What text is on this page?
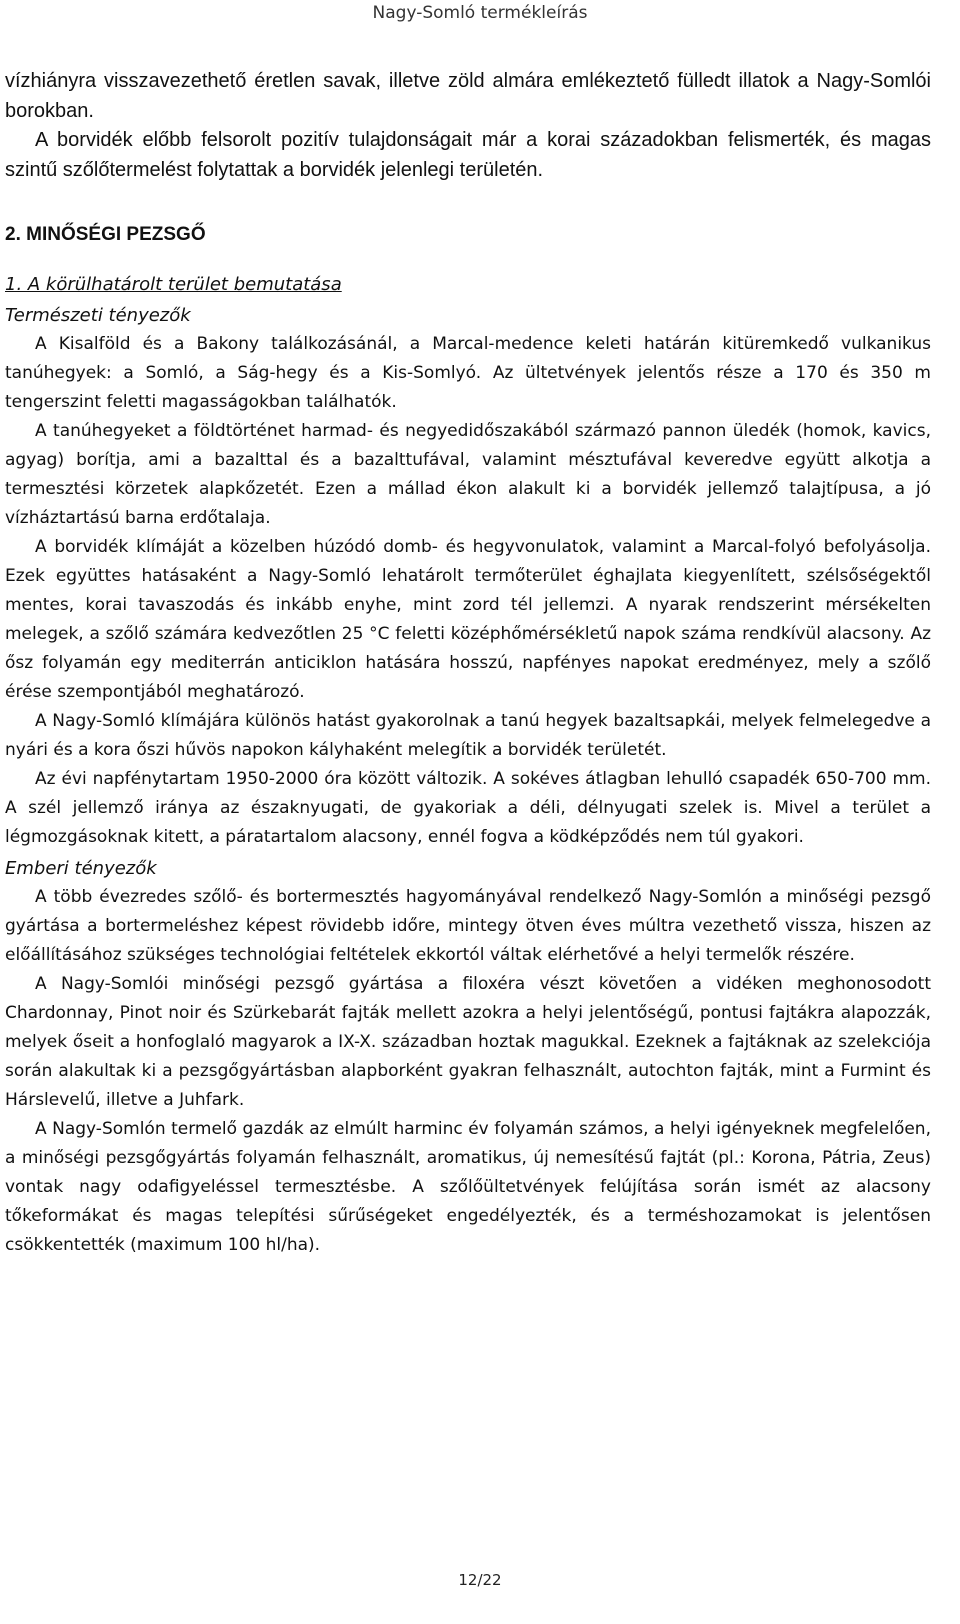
Nagy-Somló termékleírás

vízhiányra visszavezethető éretlen savak, illetve zöld almára emlékeztető fülledt illatok a Nagy-Somlói borokban.

A borvidék előbb felsorolt pozitív tulajdonságait már a korai századokban felismerték, és magas szintű szőlőtermelést folytattak a borvidék jelenlegi területén.

2. MINŐSÉGI PEZSGŐ
1. A körülhatárolt terület bemutatása
Természeti tényezők

A Kisalföld és a Bakony találkozásánál, a Marcal-medence keleti határán kitüremkedő vulkanikus tanúhegyek: a Somló, a Ság-hegy és a Kis-Somlyó. Az ültetvények jelentős része a 170 és 350 m tengerszint feletti magasságokban találhatók.

A tanúhegyeket a földtörténet harmad- és negyedidőszakából származó pannon üledék (homok, kavics, agyag) borítja, ami a bazalttal és a bazalttufával, valamint mésztufával keveredve együtt alkotja a termesztési körzetek alapkőzetét. Ezen a mállad ékon alakult ki a borvidék jellemző talajtípusa, a jó vízháztartású barna erdőtalaja.

A borvidék klímáját a közelben húzódó domb- és hegyvonulatok, valamint a Marcal-folyó befolyásolja. Ezek együttes hatásaként a Nagy-Somló lehatárolt termőterület éghajlata kiegyenlített, szélsőségektől mentes, korai tavaszodás és inkább enyhe, mint zord tél jellemzi. A nyarak rendszerint mérsékelten melegek, a szőlő számára kedvezőtlen 25 °C feletti középhőmérsékletű napok száma rendkívül alacsony. Az ősz folyamán egy mediterrán anticiklon hatására hosszú, napfényes napokat eredményez, mely a szőlő érése szempontjából meghatározó.

A Nagy-Somló klímájára különös hatást gyakorolnak a tanú hegyek bazaltsapkái, melyek felmelegedve a nyári és a kora őszi hűvös napokon kályhaként melegítik a borvidék területét.

Az évi napfénytartam 1950-2000 óra között változik. A sokéves átlagban lehulló csapadék 650-700 mm. A szél jellemző iránya az északnyugati, de gyakoriak a déli, délnyugati szelek is. Mivel a terület a légmozgásoknak kitett, a páratartalom alacsony, ennél fogva a ködképződés nem túl gyakori.

Emberi tényezők

A több évezredes szőlő- és bortermesztés hagyományával rendelkező Nagy-Somlón a minőségi pezsgő gyártása a bortermeléshez képest rövidebb időre, mintegy ötven éves múltra vezethető vissza, hiszen az előállításához szükséges technológiai feltételek ekkortól váltak elérhetővé a helyi termelők részére.

A Nagy-Somlói minőségi pezsgő gyártása a filoxéra vészt követően a vidéken meghonosodott Chardonnay, Pinot noir és Szürkebarát fajták mellett azokra a helyi jelentőségű, pontusi fajtákra alapozzák, melyek őseit a honfoglaló magyarok a IX-X. században hoztak magukkal. Ezeknek a fajtáknak az szelekciója során alakultak ki a pezsgőgyártásban alapborként gyakran felhasznált, autochton fajták, mint a Furmint és Hárslevelű, illetve a Juhfark.

A Nagy-Somlón termelő gazdák az elmúlt harminc év folyamán számos, a helyi igényeknek megfelelően, a minőségi pezsgőgyártás folyamán felhasznált, aromatikus, új nemesítésű fajtát (pl.: Korona, Pátria, Zeus) vontak nagy odafigyeléssel termesztésbe. A szőlőültetvények felújítása során ismét az alacsony tőkeformákat és magas telepítési sűrűségeket engedélyezték, és a terméshozamokat is jelentősen csökkentették (maximum 100 hl/ha).

12/22
